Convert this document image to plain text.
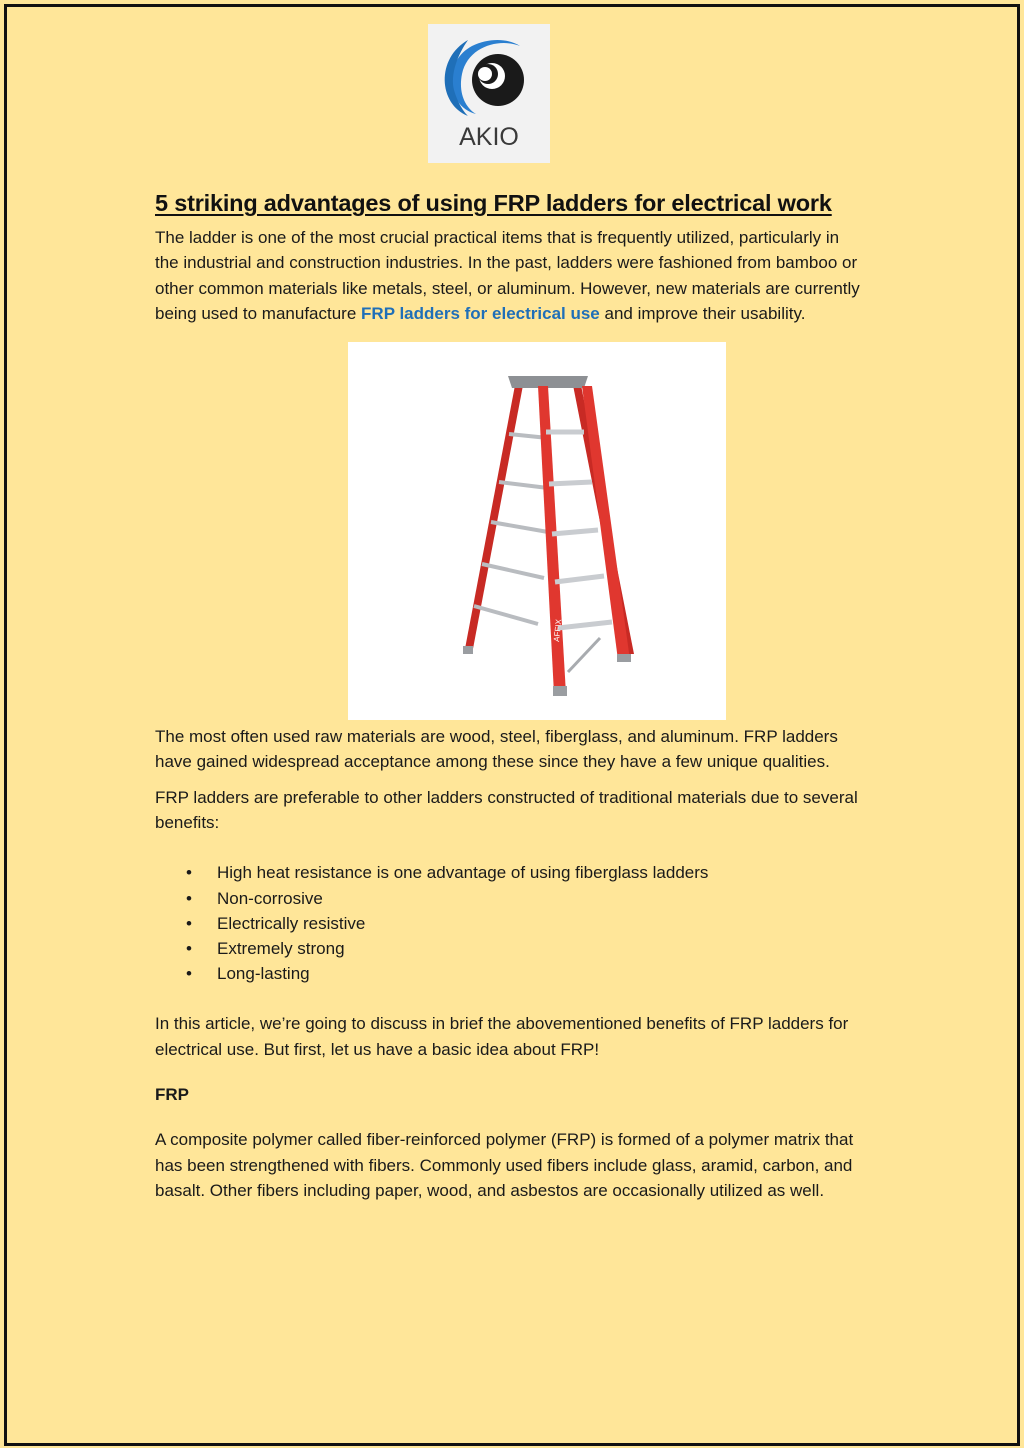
AKIO
5 striking advantages of using FRP ladders for electrical work

The ladder is one of the most crucial practical items that is frequently utilized, particularly in the industrial and construction industries. In the past, ladders were fashioned from bamboo or other common materials like metals, steel, or aluminum. However, new materials are currently being used to manufacture FRP ladders for electrical use and improve their usability.

AFFIX

The most often used raw materials are wood, steel, fiberglass, and aluminum. FRP ladders have gained widespread acceptance among these since they have a few unique qualities.

FRP ladders are preferable to other ladders constructed of traditional materials due to several benefits:

• High heat resistance is one advantage of using fiberglass ladders
• Non-corrosive
• Electrically resistive
• Extremely strong
• Long-lasting

In this article, we’re going to discuss in brief the abovementioned benefits of FRP ladders for electrical use. But first, let us have a basic idea about FRP!

FRP

A composite polymer called fiber-reinforced polymer (FRP) is formed of a polymer matrix that has been strengthened with fibers. Commonly used fibers include glass, aramid, carbon, and basalt. Other fibers including paper, wood, and asbestos are occasionally utilized as well.
